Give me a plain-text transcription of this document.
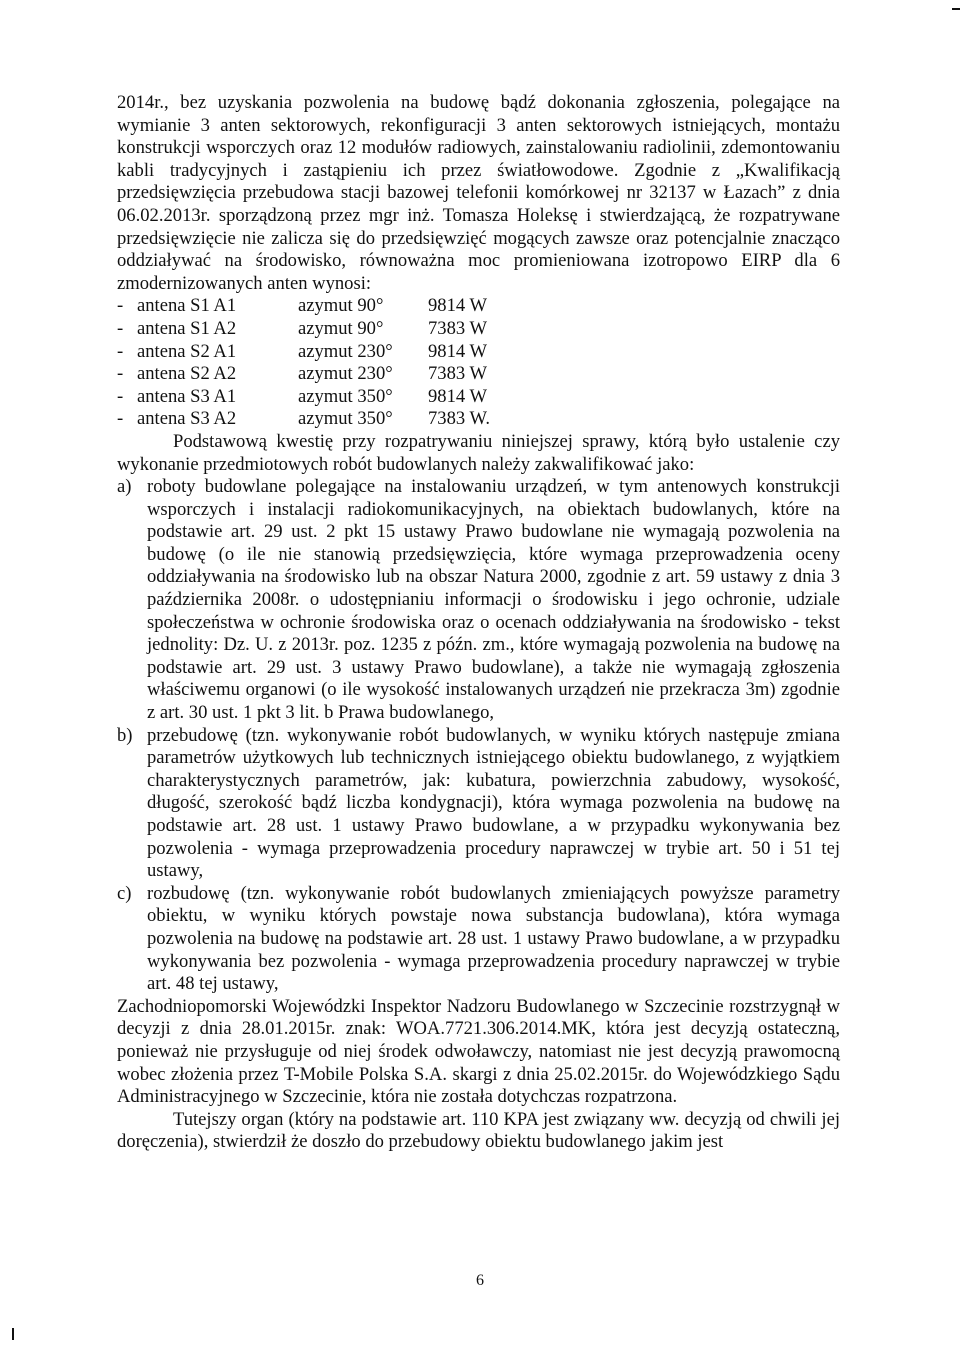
2014r., bez uzyskania pozwolenia na budowę bądź dokonania zgłoszenia, polegające na wymianie 3 anten sektorowych, rekonfiguracji 3 anten sektorowych istniejących, montażu konstrukcji wsporczych oraz 12 modułów radiowych, zainstalowaniu radiolinii, zdemontowaniu kabli tradycyjnych i zastąpieniu ich przez światłowodowe. Zgodnie z „Kwalifikacją przedsięwzięcia przebudowa stacji bazowej telefonii komórkowej nr 32137 w Łazach” z dnia 06.02.2013r. sporządzoną przez mgr inż. Tomasza Holeksę i stwierdzającą, że rozpatrywane przedsięwzięcie nie zalicza się do przedsięwzięć mogących zawsze oraz potencjalnie znacząco oddziaływać na środowisko, równoważna moc promieniowana izotropowo EIRP dla 6 zmodernizowanych anten wynosi:

- antena S1 A1	azymut 90°	9814 W
- antena S1 A2	azymut 90°	7383 W
- antena S2 A1	azymut 230°	9814 W
- antena S2 A2	azymut 230°	7383 W
- antena S3 A1	azymut 350°	9814 W
- antena S3 A2	azymut 350°	7383 W.

Podstawową kwestię przy rozpatrywaniu niniejszej sprawy, którą było ustalenie czy wykonanie przedmiotowych robót budowlanych należy zakwalifikować jako:

a) roboty budowlane polegające na instalowaniu urządzeń, w tym antenowych konstrukcji wsporczych i instalacji radiokomunikacyjnych, na obiektach budowlanych, które na podstawie art. 29 ust. 2 pkt 15 ustawy Prawo budowlane nie wymagają pozwolenia na budowę (o ile nie stanowią przedsięwzięcia, które wymaga przeprowadzenia oceny oddziaływania na środowisko lub na obszar Natura 2000, zgodnie z art. 59 ustawy z dnia 3 października 2008r. o udostępnianiu informacji o środowisku i jego ochronie, udziale społeczeństwa w ochronie środowiska oraz o ocenach oddziaływania na środowisko - tekst jednolity: Dz. U. z 2013r. poz. 1235 z późn. zm., które wymagają pozwolenia na budowę na podstawie art. 29 ust. 3 ustawy Prawo budowlane), a także nie wymagają zgłoszenia właściwemu organowi (o ile wysokość instalowanych urządzeń nie przekracza 3m) zgodnie z art. 30 ust. 1 pkt 3 lit. b Prawa budowlanego,
b) przebudowę (tzn. wykonywanie robót budowlanych, w wyniku których następuje zmiana parametrów użytkowych lub technicznych istniejącego obiektu budowlanego, z wyjątkiem charakterystycznych parametrów, jak: kubatura, powierzchnia zabudowy, wysokość, długość, szerokość bądź liczba kondygnacji), która wymaga pozwolenia na budowę na podstawie art. 28 ust. 1 ustawy Prawo budowlane, a w przypadku wykonywania bez pozwolenia - wymaga przeprowadzenia procedury naprawczej w trybie art. 50 i 51 tej ustawy,
c) rozbudowę (tzn. wykonywanie robót budowlanych zmieniających powyższe parametry obiektu, w wyniku których powstaje nowa substancja budowlana), która wymaga pozwolenia na budowę na podstawie art. 28 ust. 1 ustawy Prawo budowlane, a w przypadku wykonywania bez pozwolenia - wymaga przeprowadzenia procedury naprawczej w trybie art. 48 tej ustawy,

Zachodniopomorski Wojewódzki Inspektor Nadzoru Budowlanego w Szczecinie rozstrzygnął w decyzji z dnia 28.01.2015r. znak: WOA.7721.306.2014.MK, która jest decyzją ostateczną, ponieważ nie przysługuje od niej środek odwoławczy, natomiast nie jest decyzją prawomocną wobec złożenia przez T-Mobile Polska S.A. skargi z dnia 25.02.2015r. do Wojewódzkiego Sądu Administracyjnego w Szczecinie, która nie została dotychczas rozpatrzona.

Tutejszy organ (który na podstawie art. 110 KPA jest związany ww. decyzją od chwili jej doręczenia), stwierdził że doszło do przebudowy obiektu budowlanego jakim jest

6
